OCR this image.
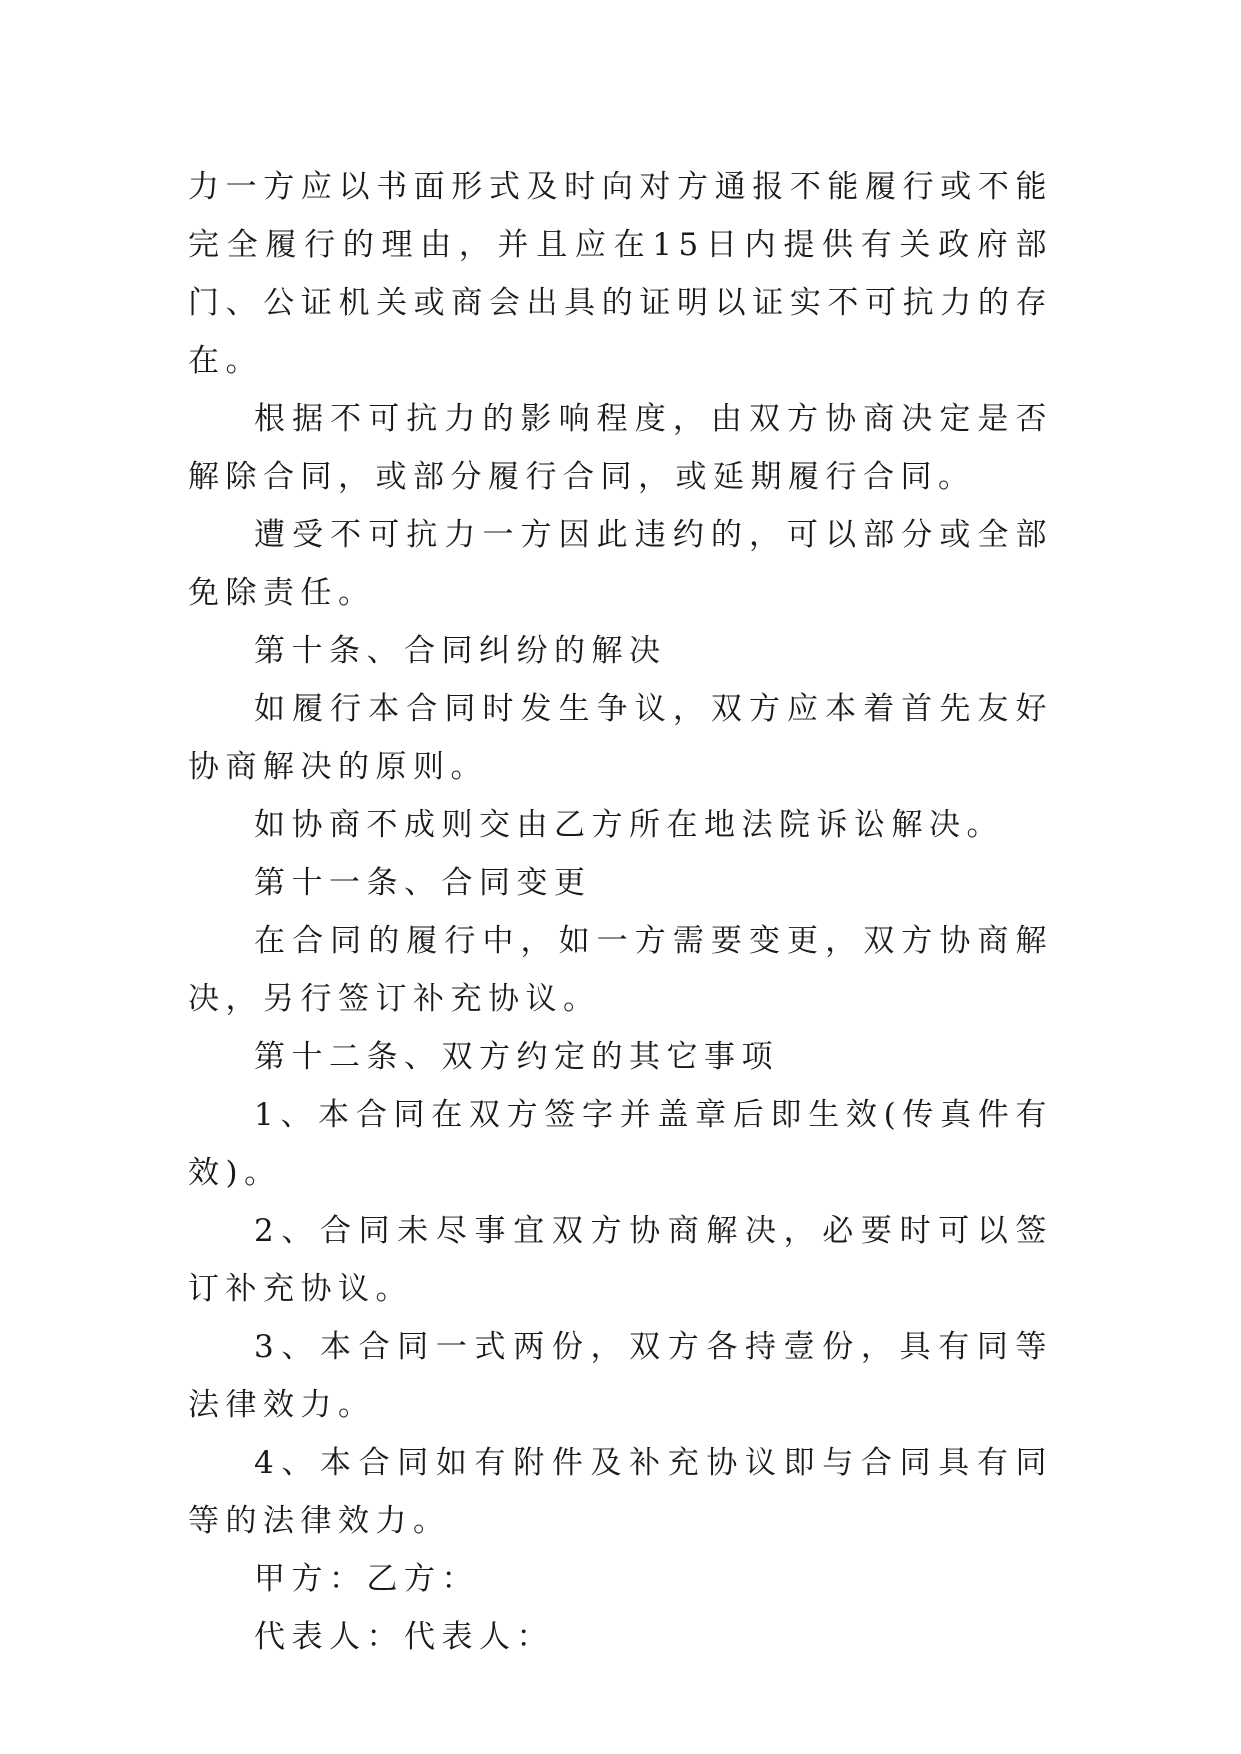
力一方应以书面形式及时向对方通报不能履行或不能完全履行的理由，并且应在15日内提供有关政府部门、公证机关或商会出具的证明以证实不可抗力的存在。

根据不可抗力的影响程度，由双方协商决定是否解除合同，或部分履行合同，或延期履行合同。

遭受不可抗力一方因此违约的，可以部分或全部免除责任。

第十条、合同纠纷的解决

如履行本合同时发生争议，双方应本着首先友好协商解决的原则。

如协商不成则交由乙方所在地法院诉讼解决。

第十一条、合同变更

在合同的履行中，如一方需要变更，双方协商解决，另行签订补充协议。

第十二条、双方约定的其它事项

1、本合同在双方签字并盖章后即生效(传真件有效)。

2、合同未尽事宜双方协商解决，必要时可以签订补充协议。

3、本合同一式两份，双方各持壹份，具有同等法律效力。

4、本合同如有附件及补充协议即与合同具有同等的法律效力。

甲方：乙方：

代表人：代表人：
